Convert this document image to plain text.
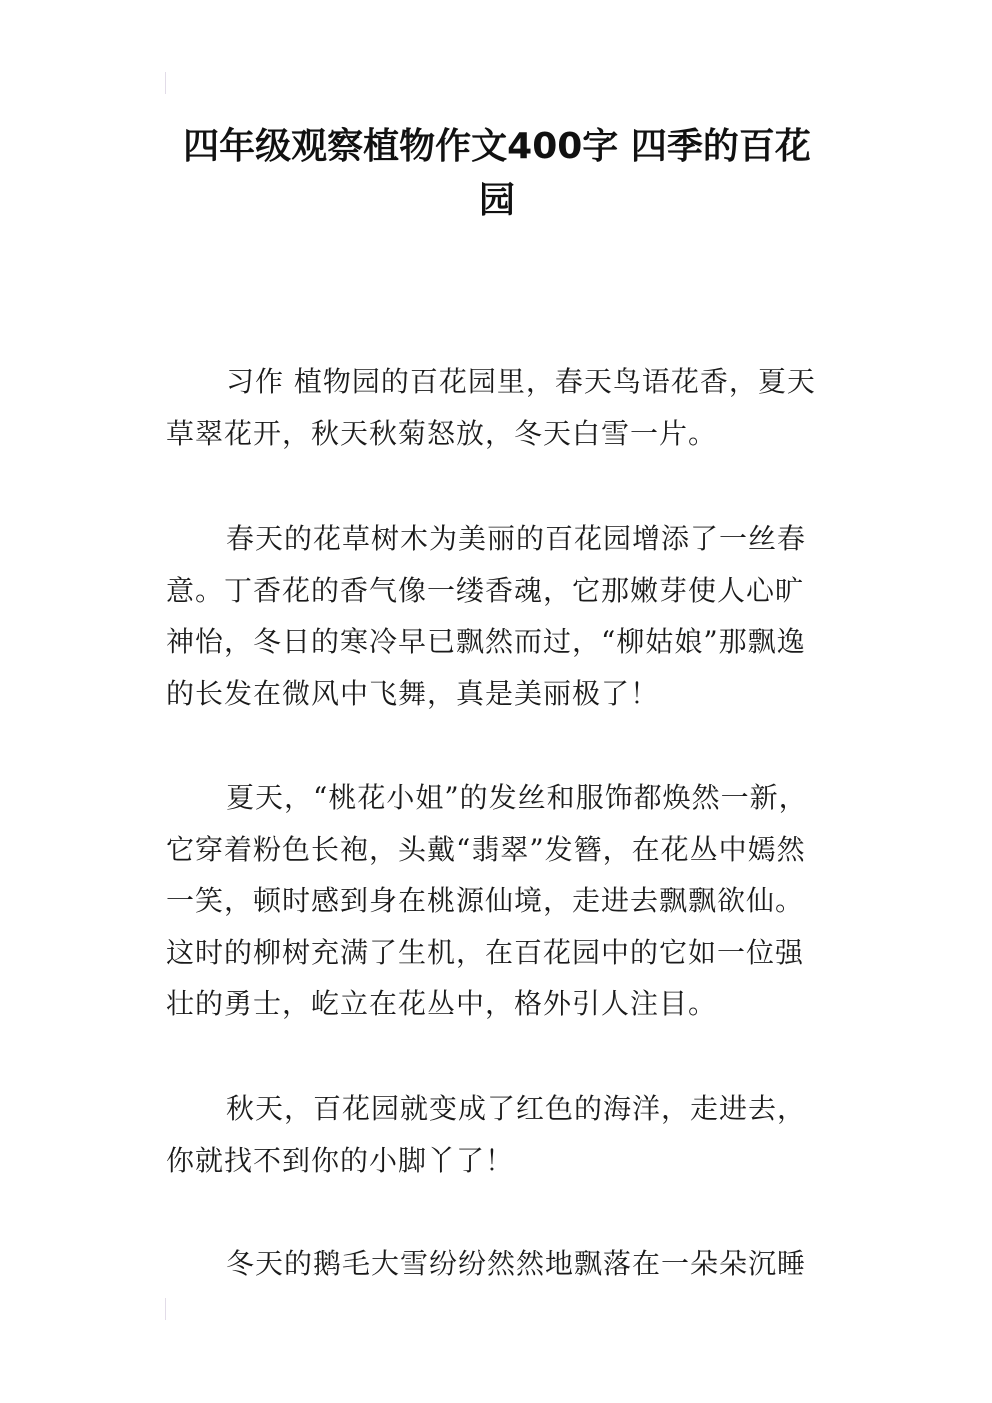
四年级观察植物作文400字 四季的百花园

习作 植物园的百花园里，春天鸟语花香，夏天草翠花开，秋天秋菊怒放，冬天白雪一片。

春天的花草树木为美丽的百花园增添了一丝春意。丁香花的香气像一缕香魂，它那嫩芽使人心旷神怡，冬日的寒冷早已飘然而过，“柳姑娘”那飘逸的长发在微风中飞舞，真是美丽极了！

夏天，“桃花小姐”的发丝和服饰都焕然一新，它穿着粉色长袍，头戴“翡翠”发簪，在花丛中嫣然一笑，顿时感到身在桃源仙境，走进去飘飘欲仙。这时的柳树充满了生机，在百花园中的它如一位强壮的勇士，屹立在花丛中，格外引人注目。

秋天，百花园就变成了红色的海洋，走进去，你就找不到你的小脚丫了！

冬天的鹅毛大雪纷纷然然地飘落在一朵朵沉睡
